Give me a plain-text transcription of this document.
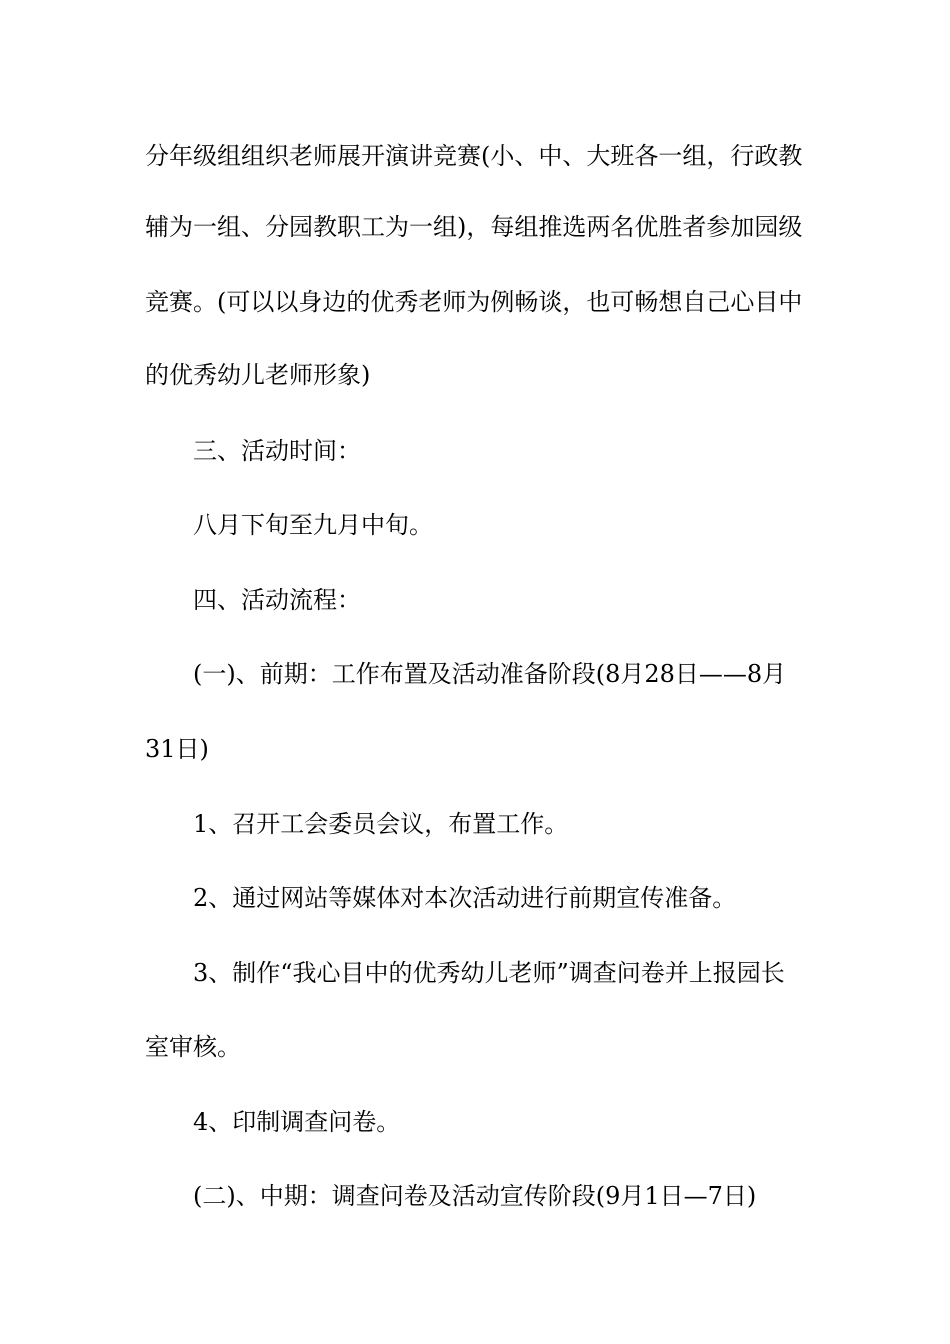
分年级组组织老师展开演讲竞赛(小、中、大班各一组，行政教
辅为一组、分园教职工为一组)，每组推选两名优胜者参加园级
竞赛。(可以以身边的优秀老师为例畅谈，也可畅想自己心目中
的优秀幼儿老师形象)
三、活动时间：
八月下旬至九月中旬。
四、活动流程：
(一)、前期：工作布置及活动准备阶段(8月28日——8月
31日)
1、召开工会委员会议，布置工作。
2、通过网站等媒体对本次活动进行前期宣传准备。
3、制作“我心目中的优秀幼儿老师”调查问卷并上报园长
室审核。
4、印制调查问卷。
(二)、中期：调查问卷及活动宣传阶段(9月1日—7日)
